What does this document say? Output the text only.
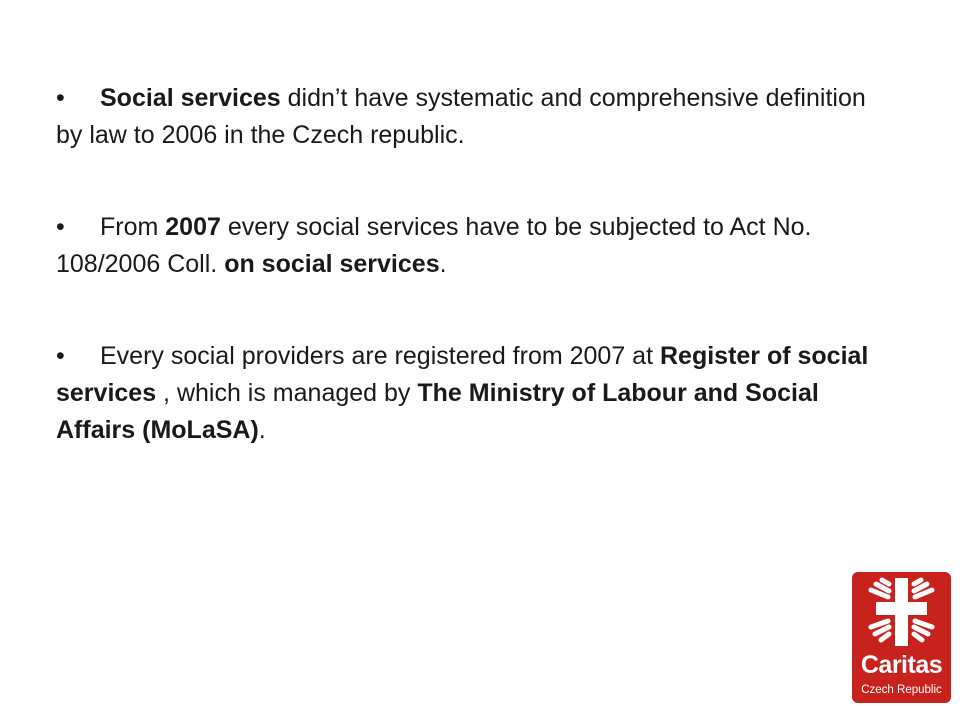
• Social services didn’t have systematic and comprehensive definition by law to 2006 in the Czech republic.

• From 2007 every social services have to be subjected to Act No. 108/2006 Coll. on social services.

• Every social providers are registered from 2007 at Register of social services , which is managed by The Ministry of Labour and Social Affairs (MoLaSA).

Caritas
Czech Republic
